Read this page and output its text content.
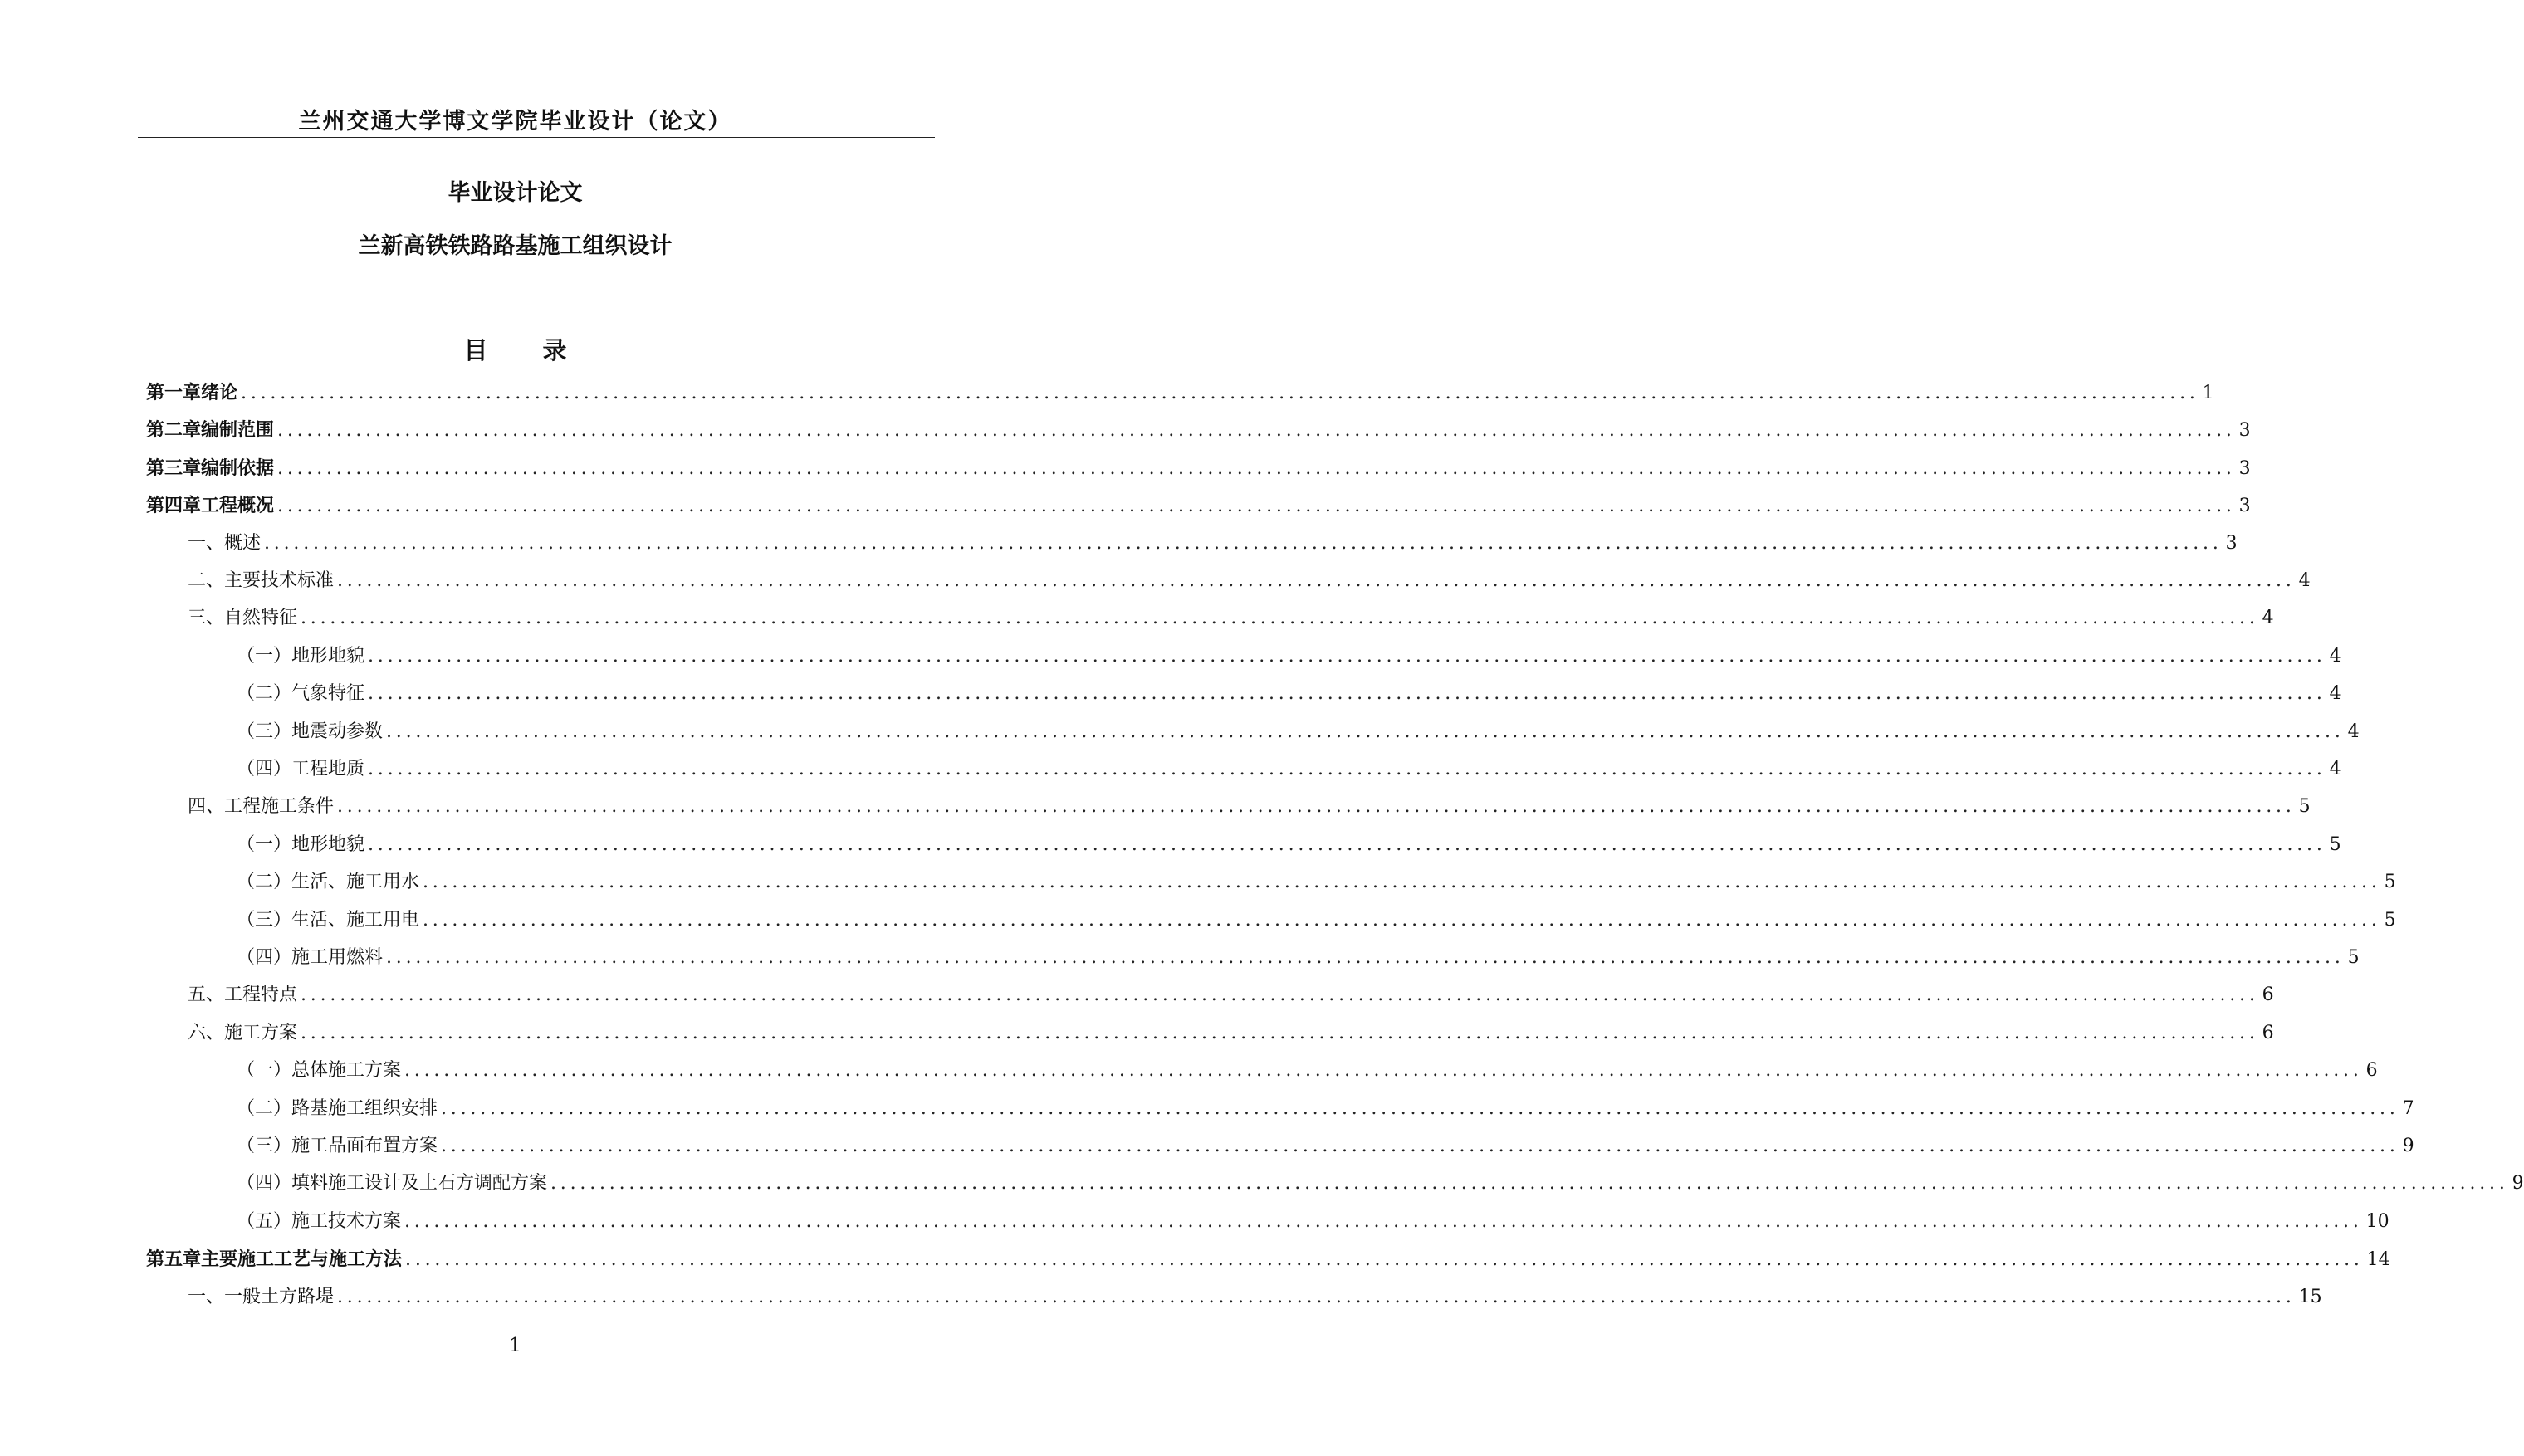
兰州交通大学博文学院毕业设计（论文）
毕业设计论文
兰新高铁铁路路基施工组织设计
目 录
第一章 绪论 ........................................................................................................................................................................................................ 1
第二章 编制范围 ........................................................................................................................................................................................................ 3
第三章 编制依据 ........................................................................................................................................................................................................ 3
第四章 工程概况 ........................................................................................................................................................................................................ 3
一、概述 ........................................................................................................................................................................................................ 3
二、主要技术标准 ........................................................................................................................................................................................................ 4
三、自然特征 ........................................................................................................................................................................................................ 4
（一）地形地貌 ........................................................................................................................................................................................................ 4
（二）气象特征 ........................................................................................................................................................................................................ 4
（三）地震动参数 ........................................................................................................................................................................................................ 4
（四）工程地质 ........................................................................................................................................................................................................ 4
四、工程施工条件 ........................................................................................................................................................................................................ 5
（一）地形地貌 ........................................................................................................................................................................................................ 5
（二）生活、施工用水 ........................................................................................................................................................................................................ 5
（三）生活、施工用电 ........................................................................................................................................................................................................ 5
（四）施工用燃料 ........................................................................................................................................................................................................ 5
五、工程特点 ........................................................................................................................................................................................................ 6
六、施工方案 ........................................................................................................................................................................................................ 6
（一）总体施工方案 ........................................................................................................................................................................................................ 6
（二）路基施工组织安排 ........................................................................................................................................................................................................ 7
（三）施工品面布置方案 ........................................................................................................................................................................................................ 9
（四）填料施工设计及土石方调配方案 ........................................................................................................................................................................................................ 9
（五）施工技术方案 ........................................................................................................................................................................................................ 10
第五章 主要施工工艺与施工方法 ........................................................................................................................................................................................................ 14
一、一般土方路堤 ........................................................................................................................................................................................................ 15
1
